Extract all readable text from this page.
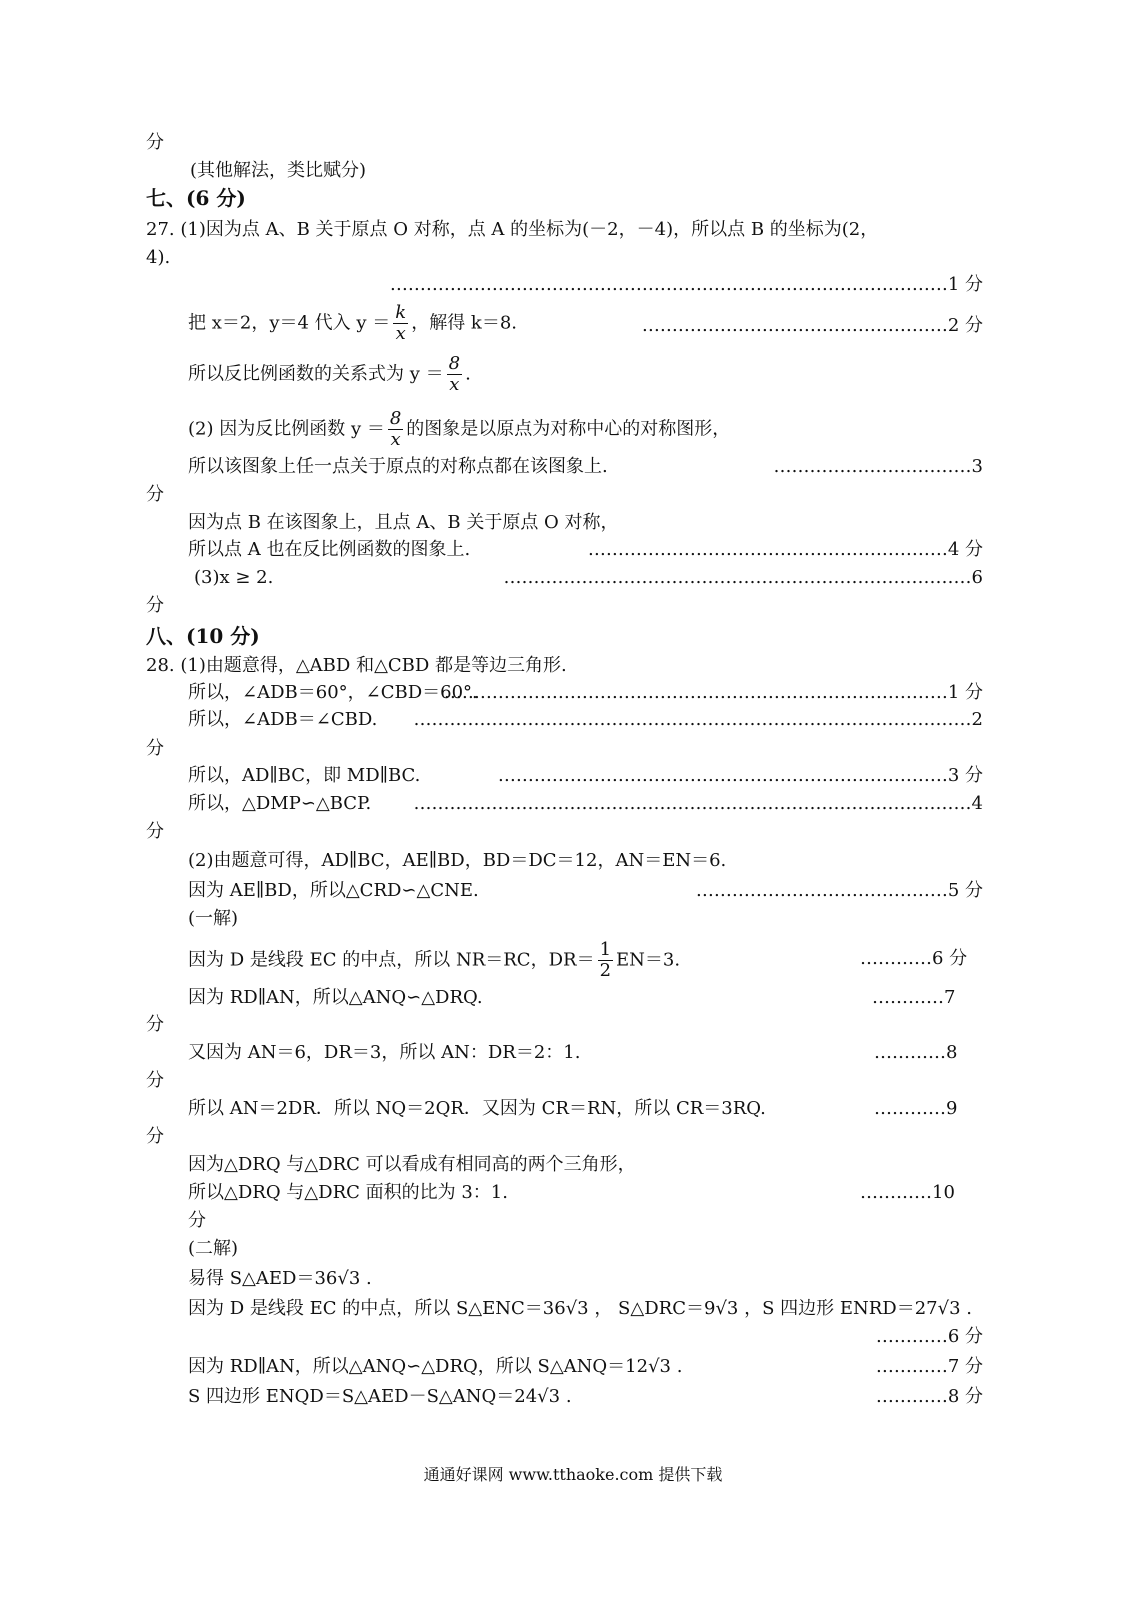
分
(其他解法，类比赋分)
七、(6 分)
27. (1)因为点 A、B 关于原点 O 对称，点 A 的坐标为(－2，－4)，所以点 B 的坐标为(2，
4).
…………………………………………………………………………………1 分
把 x＝2，y＝4 代入 $y = \frac{k}{x}$ ，解得 k＝8.	……………………………………………2 分
所以反比例函数的关系式为 $y = \frac{8}{x}$ .
(2) 因为反比例函数 $y = \frac{8}{x}$ 的图象是以原点为对称中心的对称图形，
所以该图象上任一点关于原点的对称点都在该图象上.	……………………………3
分
因为点 B 在该图象上，且点 A、B 关于原点 O 对称，
所以点 A 也在反比例函数的图象上.	……………………………………………………4 分
(3)x ≥ 2.	……………………………………………………………………6
分
八、(10 分)
28. (1)由题意得，△ABD 和△CBD 都是等边三角形.
所以，∠ADB＝60°，∠CBD＝60°.
…………………………………………………………………………1 分
所以，∠ADB＝∠CBD. …………………………………………………………………………………2
分
所以，AD∥BC，即 MD∥BC.	…………………………………………………………………3 分
所以，△DMP∽△BCP. …………………………………………………………………………………4
分
(2)由题意可得，AD∥BC，AE∥BD，BD＝DC＝12，AN＝EN＝6.
因为 AE∥BD，所以△CRD∽△CNE.	……………………………………5 分
(一解)
因为 D 是线段 EC 的中点，所以 NR＝RC，$DR= \frac{1}{2} EN=3$.	…………6 分
因为 RD∥AN，所以△ANQ∽△DRQ.	…………7
分
又因为 AN＝6，DR＝3，所以 AN：DR＝2：1.	…………8
分
所以 AN＝2DR．所以 NQ＝2QR．又因为 CR＝RN，所以 CR＝3RQ.	…………9
分
因为△DRQ 与△DRC 可以看成有相同高的两个三角形，
所以△DRQ 与△DRC 面积的比为 3：1.	…………10
分
(二解)
易得 S△AED＝36√3 .
因为 D 是线段 EC 的中点，所以 S△ENC＝36√3 ， S△DRC＝9√3 ，S 四边形 ENRD＝27√3 .
…………6 分
因为 RD∥AN，所以△ANQ∽△DRQ，所以 S△ANQ＝12√3 .	…………7 分
S 四边形 ENQD＝S△AED－S△ANQ＝24√3 .	…………8 分
通通好课网 www.tthaoke.com 提供下载
